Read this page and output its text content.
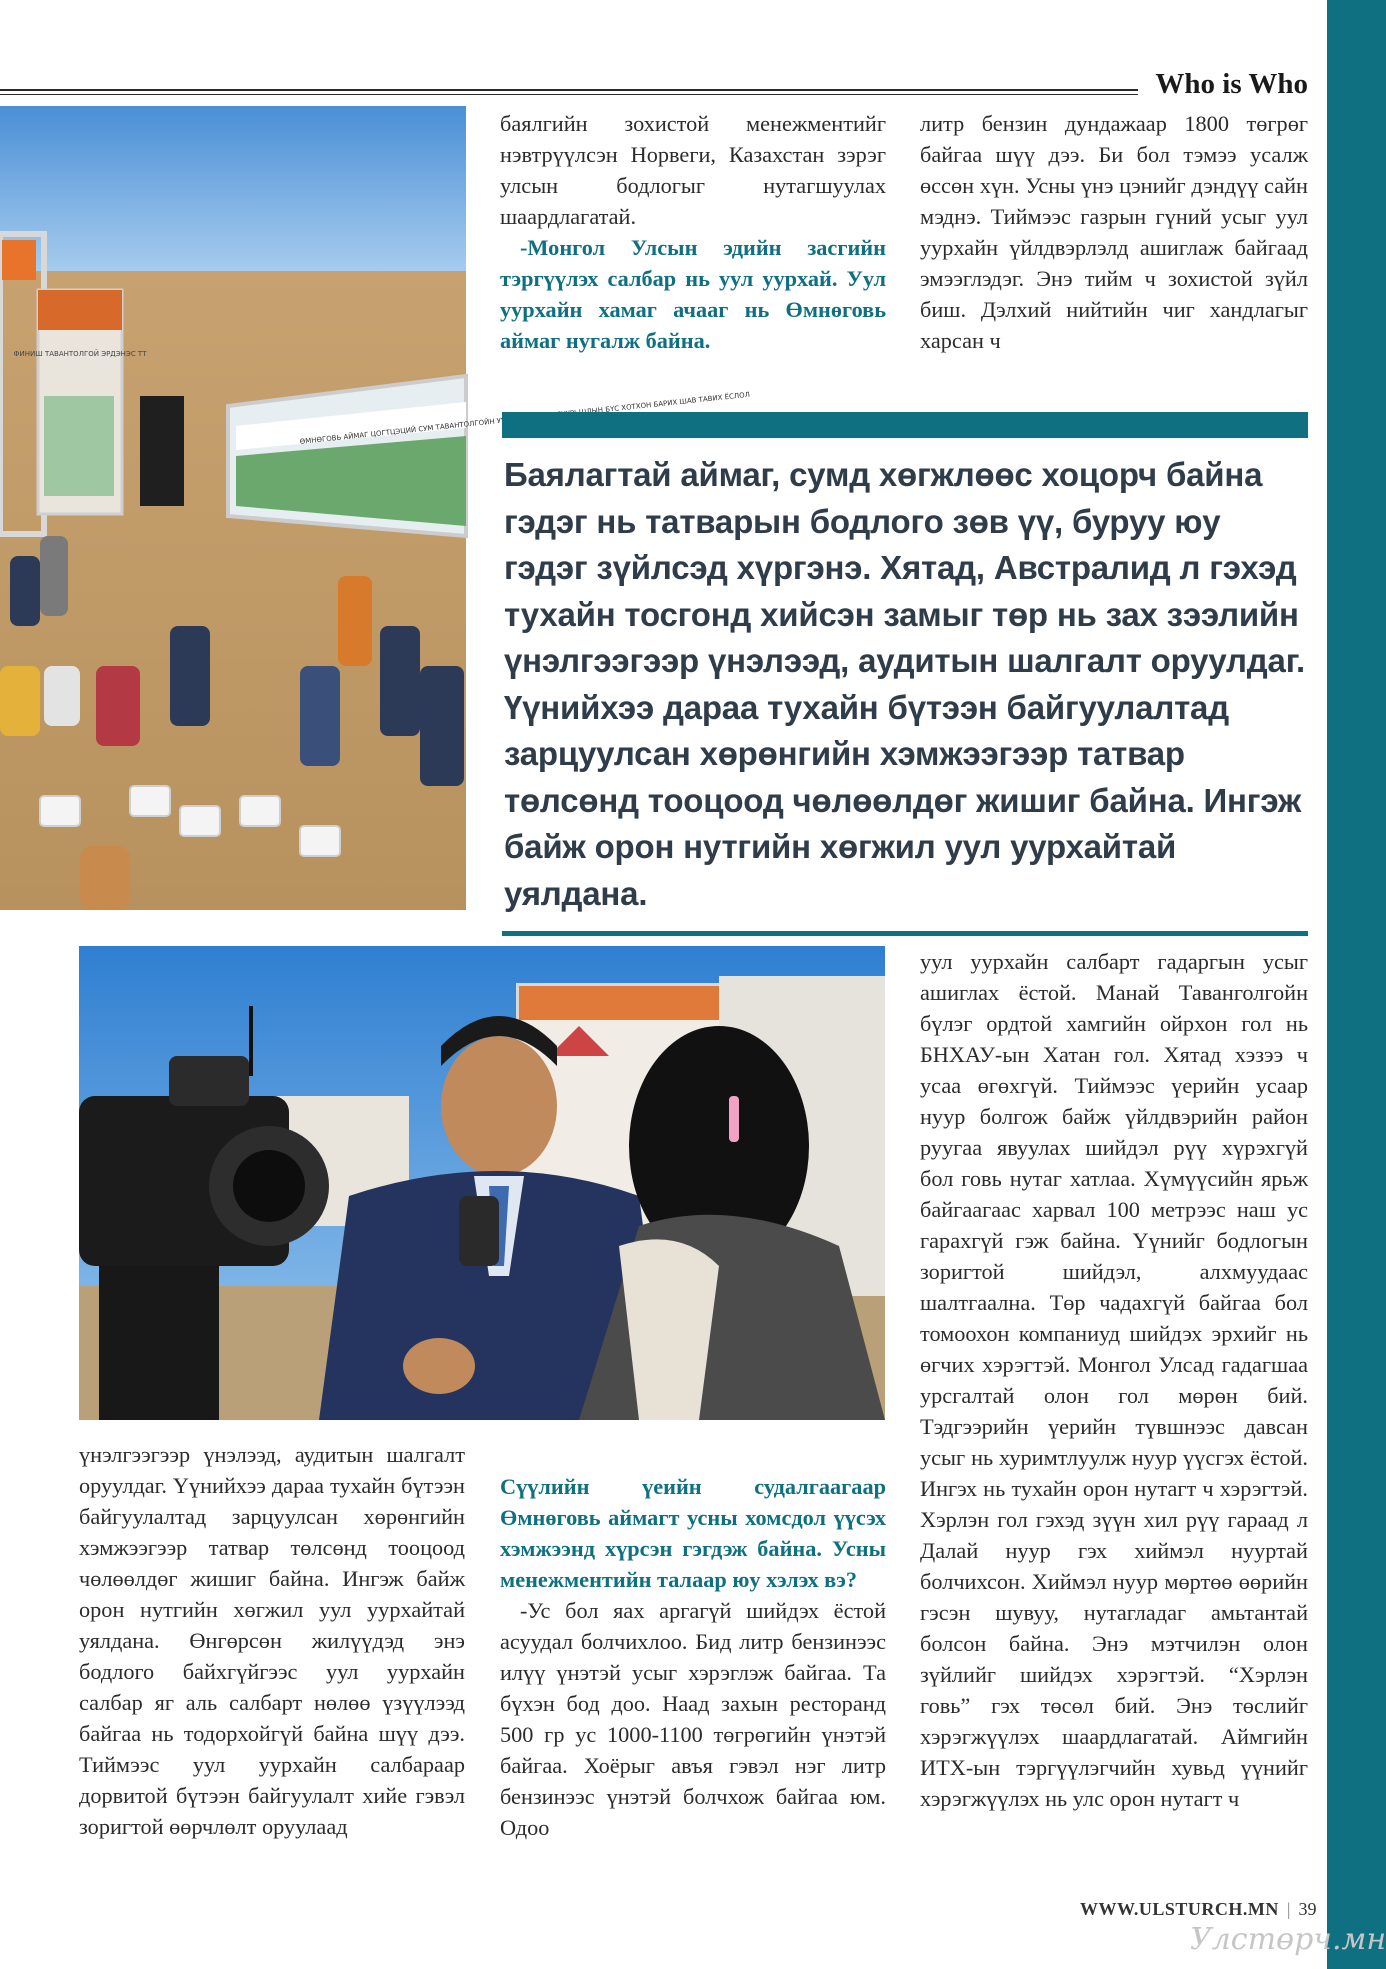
Who is Who
ФИНИШ ТАВАНТОЛГОЙ ЭРДЭНЭС ТТ
ӨМНӨГОВЬ АЙМАГ ЦОГТЦЭЦИЙ СУМ ТАВАНТОЛГОЙН БҮС ХОТХОН БАРИХ ШАВ ТАВИХ ЁСЛОЛ

баялгийн зохистой менежментийг нэвтрүүлсэн Норвеги, Казахстан зэрэг улсын бодлогыг нутагшуулах шаардлагатай.

-Монгол Улсын эдийн засгийн тэргүүлэх салбар нь уул уурхай. Уул уурхайн хамаг ачааг нь Өмнөговь аймаг нугалж байна.

литр бензин дундажаар 1800 төгрөг байгаа шүү дээ. Би бол тэмээ усалж өссөн хүн. Усны үнэ цэнийг дэндүү сайн мэднэ. Тиймээс газрын гүний усыг уул уурхайн үйлдвэрлэлд ашиглаж байгаад эмээглэдэг. Энэ тийм ч зохистой зүйл биш. Дэлхий нийтийн чиг хандлагыг харсан ч

Баялагтай аймаг, сумд хөгжлөөс хоцорч байна гэдэг нь татварын бодлого зөв үү, буруу юу гэдэг зүйлсэд хүргэнэ. Хятад, Австралид л гэхэд тухайн тосгонд хийсэн замыг төр нь зах зээлийн үнэлгээгээр үнэлээд, аудитын шалгалт оруулдаг. Үүнийхээ дараа тухайн бүтээн байгуулалтад зарцуулсан хөрөнгийн хэмжээгээр татвар төлсөнд тооцоод чөлөөлдөг жишиг байна. Ингэж байж орон нутгийн хөгжил уул уурхайтай уялдана.

үнэлгээгээр үнэлээд, аудитын шалгалт оруулдаг. Үүнийхээ дараа тухайн бүтээн байгуулалтад зарцуулсан хөрөнгийн хэмжээгээр татвар төлсөнд тооцоод чөлөөлдөг жишиг байна. Ингэж байж орон нутгийн хөгжил уул уурхайтай уялдана. Өнгөрсөн жилүүдэд энэ бодлого байхгүйгээс уул уурхайн салбар яг аль салбарт нөлөө үзүүлээд байгаа нь тодорхойгүй байна шүү дээ. Тиймээс уул уурхайн салбараар дорвитой бүтээн байгуулалт хийе гэвэл зоригтой өөрчлөлт оруулаад

Сүүлийн үеийн судалгаагаар Өмнөговь аймагт усны хомсдол үүсэх хэмжээнд хүрсэн гэгдэж байна. Усны менежментийн талаар юу хэлэх вэ?

-Ус бол яах аргагүй шийдэх ёстой асуудал болчихлоо. Бид литр бензинээс илүү үнэтэй усыг хэрэглэж байгаа. Та бүхэн бод доо. Наад захын ресторанд 500 гр ус 1000-1100 төгрөгийн үнэтэй байгаа. Хоёрыг авъя гэвэл нэг литр бензинээс үнэтэй болчхож байгаа юм. Одоо

уул уурхайн салбарт гадаргын усыг ашиглах ёстой. Манай Таванголгойн бүлэг ордтой хамгийн ойрхон гол нь БНХАУ-ын Хатан гол. Хятад хэзээ ч усаа өгөхгүй. Тиймээс үерийн усаар нуур болгож байж үйлдвэрийн район руугаа явуулах шийдэл рүү хүрэхгүй бол говь нутаг хатлаа. Хүмүүсийн ярьж байгаагаас харвал 100 метрээс наш ус гарахгүй гэж байна. Үүнийг бодлогын зоригтой шийдэл, алхмуудаас шалтгаална. Төр чадахгүй байгаа бол томоохон компаниуд шийдэх эрхийг нь өгчих хэрэгтэй. Монгол Улсад гадагшаа урсгалтай олон гол мөрөн бий. Тэдгээрийн үерийн түвшнээс давсан усыг нь хуримтлуулж нуур үүсгэх ёстой. Ингэх нь тухайн орон нутагт ч хэрэгтэй. Хэрлэн гол гэхэд зүүн хил рүү гараад л Далай нуур гэх хиймэл нууртай болчихсон. Хиймэл нуур мөртөө өөрийн гэсэн шувуу, нутагладаг амьтантай болсон байна. Энэ мэтчилэн олон зүйлийг шийдэх хэрэгтэй. “Хэрлэн говь” гэх төсөл бий. Энэ төслийг хэрэгжүүлэх шаардлагатай. Аймгийн ИТХ-ын тэргүүлэгчийн хувьд үүнийг хэрэгжүүлэх нь улс орон нутагт ч

WWW.ULSTURCH.MN | 39
Улстөрч.мн
